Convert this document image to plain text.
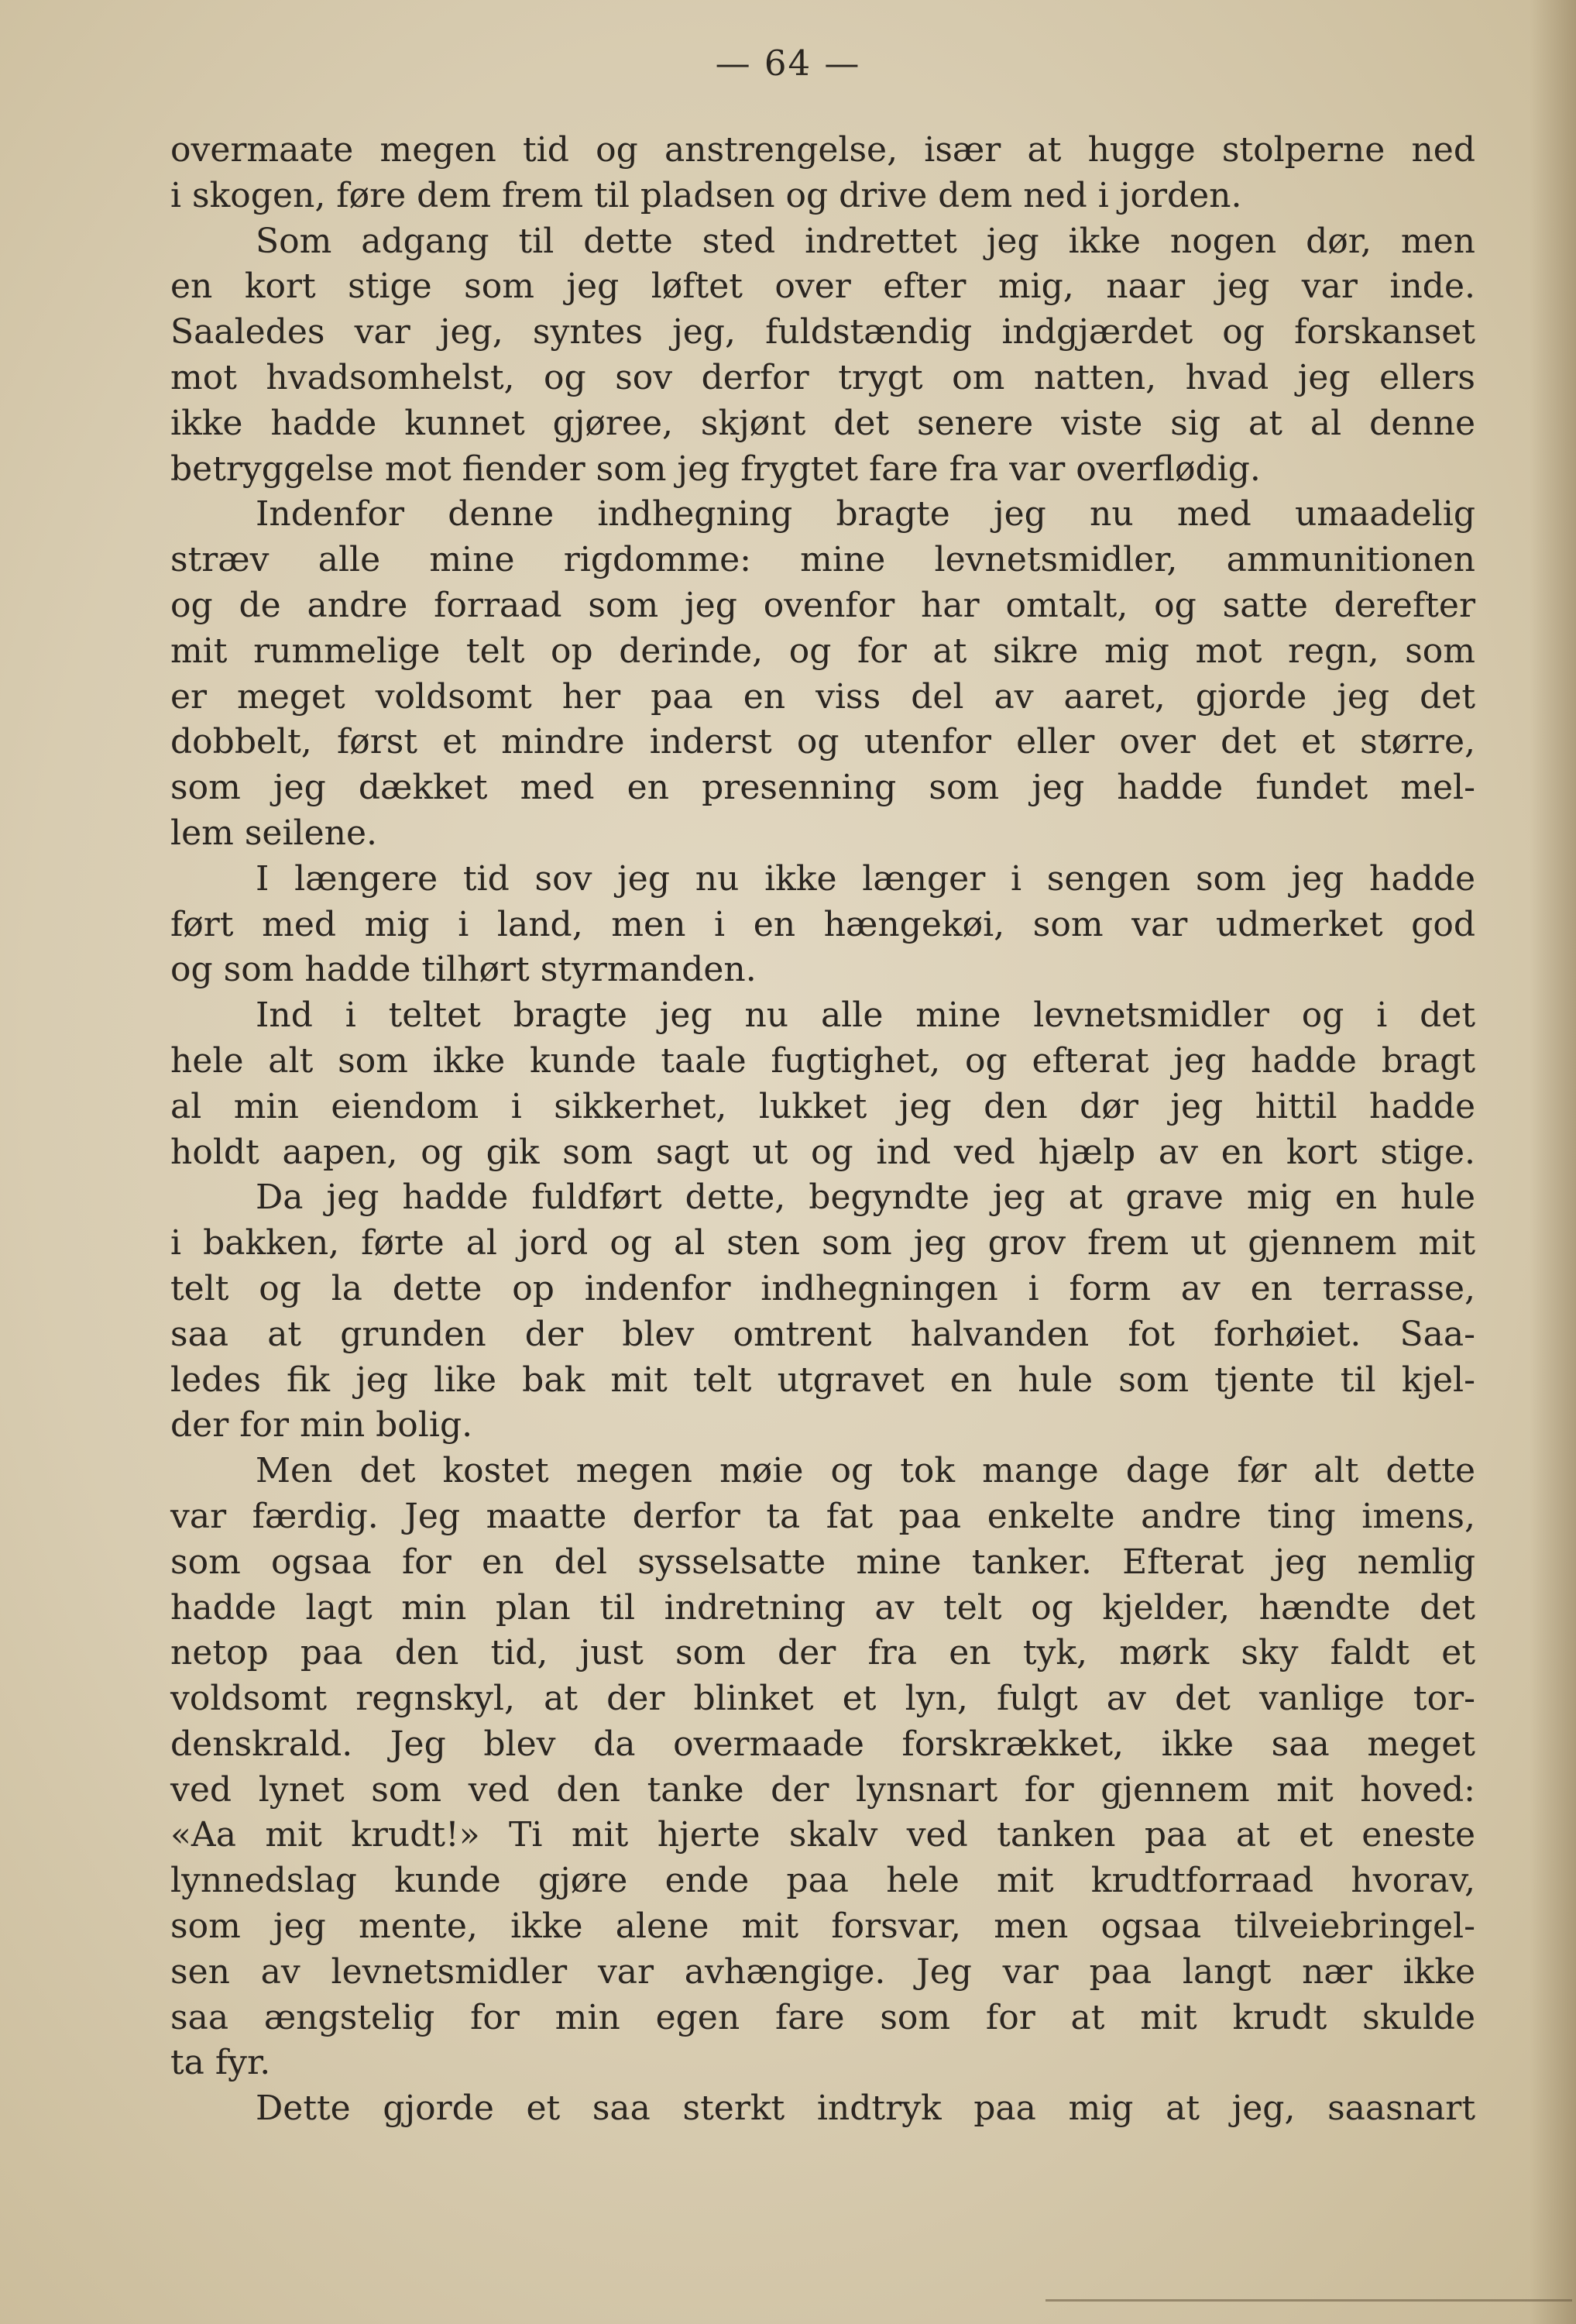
— 64 —
overmaate megen tid og anstrengelse, især at hugge stolperne ned
i skogen, føre dem frem til pladsen og drive dem ned i jorden.
Som adgang til dette sted indrettet jeg ikke nogen dør, men
en kort stige som jeg løftet over efter mig, naar jeg var inde.
Saaledes var jeg, syntes jeg, fuldstændig indgjærdet og forskanset
mot hvadsomhelst, og sov derfor trygt om natten, hvad jeg ellers
ikke hadde kunnet gjøree, skjønt det senere viste sig at al denne
betryggelse mot fiender som jeg frygtet fare fra var overflødig.
Indenfor denne indhegning bragte jeg nu med umaadelig
stræv alle mine rigdomme: mine levnetsmidler, ammunitionen
og de andre forraad som jeg ovenfor har omtalt, og satte derefter
mit rummelige telt op derinde, og for at sikre mig mot regn, som
er meget voldsomt her paa en viss del av aaret, gjorde jeg det
dobbelt, først et mindre inderst og utenfor eller over det et større,
som jeg dækket med en presenning som jeg hadde fundet mel-
lem seilene.
I længere tid sov jeg nu ikke længer i sengen som jeg hadde
ført med mig i land, men i en hængekøi, som var udmerket god
og som hadde tilhørt styrmanden.
Ind i teltet bragte jeg nu alle mine levnetsmidler og i det
hele alt som ikke kunde taale fugtighet, og efterat jeg hadde bragt
al min eiendom i sikkerhet, lukket jeg den dør jeg hittil hadde
holdt aapen, og gik som sagt ut og ind ved hjælp av en kort stige.
Da jeg hadde fuldført dette, begyndte jeg at grave mig en hule
i bakken, førte al jord og al sten som jeg grov frem ut gjennem mit
telt og la dette op indenfor indhegningen i form av en terrasse,
saa at grunden der blev omtrent halvanden fot forhøiet. Saa-
ledes fik jeg like bak mit telt utgravet en hule som tjente til kjel-
der for min bolig.
Men det kostet megen møie og tok mange dage før alt dette
var færdig. Jeg maatte derfor ta fat paa enkelte andre ting imens,
som ogsaa for en del sysselsatte mine tanker. Efterat jeg nemlig
hadde lagt min plan til indretning av telt og kjelder, hændte det
netop paa den tid, just som der fra en tyk, mørk sky faldt et
voldsomt regnskyl, at der blinket et lyn, fulgt av det vanlige tor-
denskrald. Jeg blev da overmaade forskrækket, ikke saa meget
ved lynet som ved den tanke der lynsnart for gjennem mit hoved:
«Aa mit krudt!» Ti mit hjerte skalv ved tanken paa at et eneste
lynnedslag kunde gjøre ende paa hele mit krudtforraad hvorav,
som jeg mente, ikke alene mit forsvar, men ogsaa tilveiebringel-
sen av levnetsmidler var avhængige. Jeg var paa langt nær ikke
saa ængstelig for min egen fare som for at mit krudt skulde
ta fyr.
Dette gjorde et saa sterkt indtryk paa mig at jeg, saasnart
